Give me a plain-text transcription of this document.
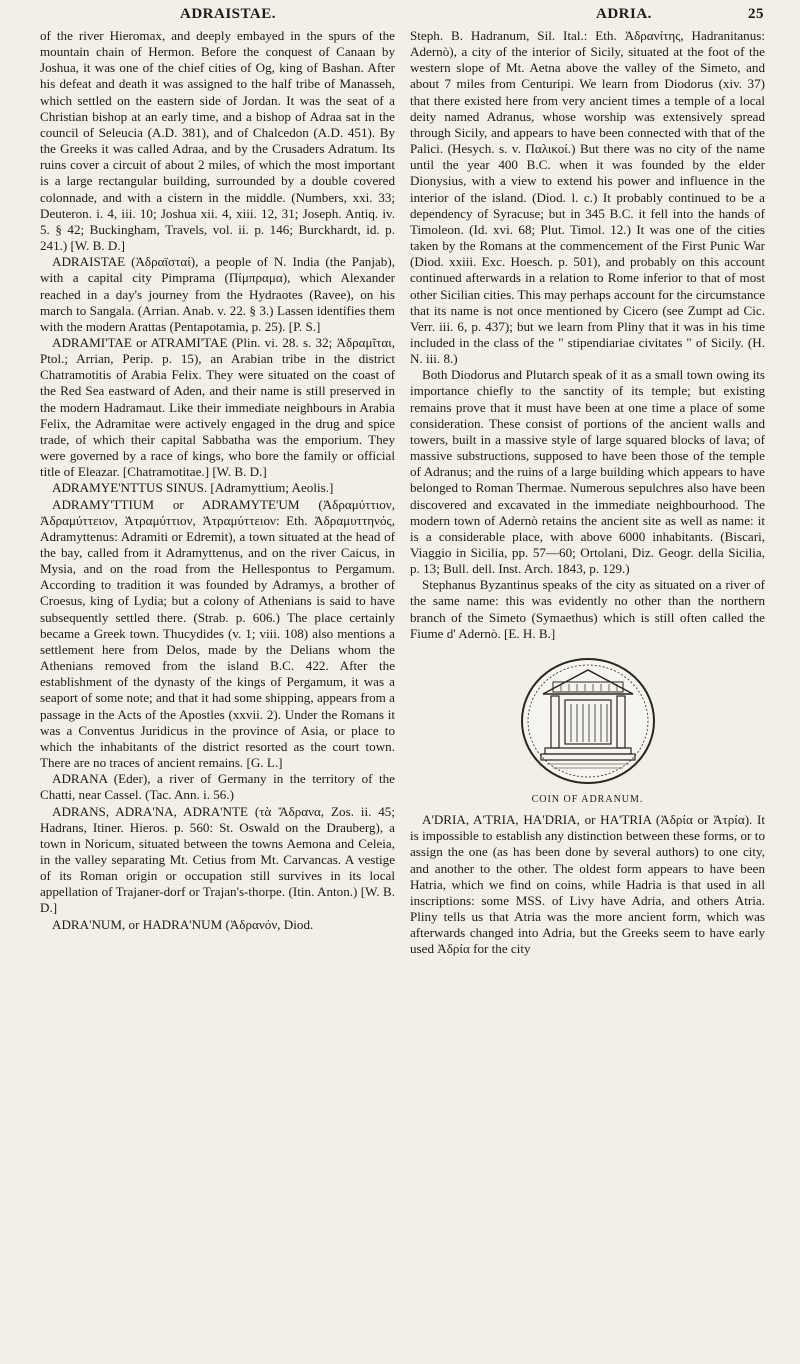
ADRAISTAE.	ADRIA.	25

of the river Hieromax, and deeply embayed in the spurs of the mountain chain of Hermon. Before the conquest of Canaan by Joshua, it was one of the chief cities of Og, king of Bashan. After his defeat and death it was assigned to the half tribe of Manasseh, which settled on the eastern side of Jordan. It was the seat of a Christian bishop at an early time, and a bishop of Adraa sat in the council of Seleucia (A.D. 381), and of Chalcedon (A.D. 451). By the Greeks it was called Adraa, and by the Crusaders Adratum. Its ruins cover a circuit of about 2 miles, of which the most important is a large rectangular building, surrounded by a double covered colonnade, and with a cistern in the middle. (Numbers, xxi. 33; Deuteron. i. 4, iii. 10; Joshua xii. 4, xiii. 12, 31; Joseph. Antiq. iv. 5. § 42; Buckingham, Travels, vol. ii. p. 146; Burckhardt, id. p. 241.) [W. B. D.]

ADRAISTAE (Ἀδραϊσταί), a people of N. India (the Panjab), with a capital city Pimprama (Πίμπραμα), which Alexander reached in a day's journey from the Hydraotes (Ravee), on his march to Sangala. (Arrian. Anab. v. 22. § 3.) Lassen identifies them with the modern Arattas (Pentapotamia, p. 25). [P. S.]

ADRAMI'TAE or ATRAMI'TAE (Plin. vi. 28. s. 32; Ἀδραμῖται, Ptol.; Arrian, Perip. p. 15), an Arabian tribe in the district Chatramotitis of Arabia Felix. They were situated on the coast of the Red Sea eastward of Aden, and their name is still preserved in the modern Hadramaut. Like their immediate neighbours in Arabia Felix, the Adramitae were actively engaged in the drug and spice trade, of which their capital Sabbatha was the emporium. They were governed by a race of kings, who bore the family or official title of Eleazar. [Chatramotitae.] [W. B. D.]

ADRAMYE'NTTUS SINUS. [Adramyttium; Aeolis.]

ADRAMY'TTIUM or ADRAMYTE'UM (Ἀδραμύττιον, Ἀδραμύττειον, Ἀτραμύττιον, Ἀτραμύττειον: Eth. Ἀδραμυττηνός, Adramyttenus: Adramiti or Edremit), a town situated at the head of the bay, called from it Adramyttenus, and on the river Caicus, in Mysia, and on the road from the Hellespontus to Pergamum. According to tradition it was founded by Adramys, a brother of Croesus, king of Lydia; but a colony of Athenians is said to have subsequently settled there. (Strab. p. 606.) The place certainly became a Greek town. Thucydides (v. 1; viii. 108) also mentions a settlement here from Delos, made by the Delians whom the Athenians removed from the island B.C. 422. After the establishment of the dynasty of the kings of Pergamum, it was a seaport of some note; and that it had some shipping, appears from a passage in the Acts of the Apostles (xxvii. 2). Under the Romans it was a Conventus Juridicus in the province of Asia, or place to which the inhabitants of the district resorted as the court town. There are no traces of ancient remains. [G. L.]

ADRANA (Eder), a river of Germany in the territory of the Chatti, near Cassel. (Tac. Ann. i. 56.)

ADRANS, ADRA'NA, ADRA'NTE (τὰ Ἄδρανα, Zos. ii. 45; Hadrans, Itiner. Hieros. p. 560: St. Oswald on the Drauberg), a town in Noricum, situated between the towns Aemona and Celeia, in the valley separating Mt. Cetius from Mt. Carvancas. A vestige of its Roman origin or occupation still survives in its local appellation of Trajaner-dorf or Trajan's-thorpe. (Itin. Anton.) [W. B. D.]

ADRA'NUM, or HADRA'NUM (Ἀδρανόν, Diod.

Steph. B. Hadranum, Sil. Ital.: Eth. Ἀδρανίτης, Hadranitanus: Adernò), a city of the interior of Sicily, situated at the foot of the western slope of Mt. Aetna above the valley of the Simeto, and about 7 miles from Centuripi. We learn from Diodorus (xiv. 37) that there existed here from very ancient times a temple of a local deity named Adranus, whose worship was extensively spread through Sicily, and appears to have been connected with that of the Palici. (Hesych. s. v. Παλικοί.) But there was no city of the name until the year 400 B.C. when it was founded by the elder Dionysius, with a view to extend his power and influence in the interior of the island. (Diod. l. c.) It probably continued to be a dependency of Syracuse; but in 345 B.C. it fell into the hands of Timoleon. (Id. xvi. 68; Plut. Timol. 12.) It was one of the cities taken by the Romans at the commencement of the First Punic War (Diod. xxiii. Exc. Hoesch. p. 501), and probably on this account continued afterwards in a relation to Rome inferior to that of most other Sicilian cities. This may perhaps account for the circumstance that its name is not once mentioned by Cicero (see Zumpt ad Cic. Verr. iii. 6, p. 437); but we learn from Pliny that it was in his time included in the class of the " stipendiariae civitates " of Sicily. (H. N. iii. 8.)

Both Diodorus and Plutarch speak of it as a small town owing its importance chiefly to the sanctity of its temple; but existing remains prove that it must have been at one time a place of some consideration. These consist of portions of the ancient walls and towers, built in a massive style of large squared blocks of lava; of massive substructions, supposed to have been those of the temple of Adranus; and the ruins of a large building which appears to have belonged to Roman Thermae. Numerous sepulchres also have been discovered and excavated in the immediate neighbourhood. The modern town of Adernò retains the ancient site as well as name: it is a considerable place, with above 6000 inhabitants. (Biscari, Viaggio in Sicilia, pp. 57—60; Ortolani, Diz. Geogr. della Sicilia, p. 13; Bull. dell. Inst. Arch. 1843, p. 129.)

Stephanus Byzantinus speaks of the city as situated on a river of the same name: this was evidently no other than the northern branch of the Simeto (Symaethus) which is still often called the Fiume d' Adernò. [E. H. B.]

COIN OF ADRANUM.

A'DRIA, A'TRIA, HA'DRIA, or HA'TRIA (Ἀδρία or Ἀτρία). It is impossible to establish any distinction between these forms, or to assign the one (as has been done by several authors) to one city, and another to the other. The oldest form appears to have been Hatria, which we find on coins, while Hadria is that used in all inscriptions: some MSS. of Livy have Adria, and others Atria. Pliny tells us that Atria was the more ancient form, which was afterwards changed into Adria, but the Greeks seem to have early used Ἀδρία for the city
